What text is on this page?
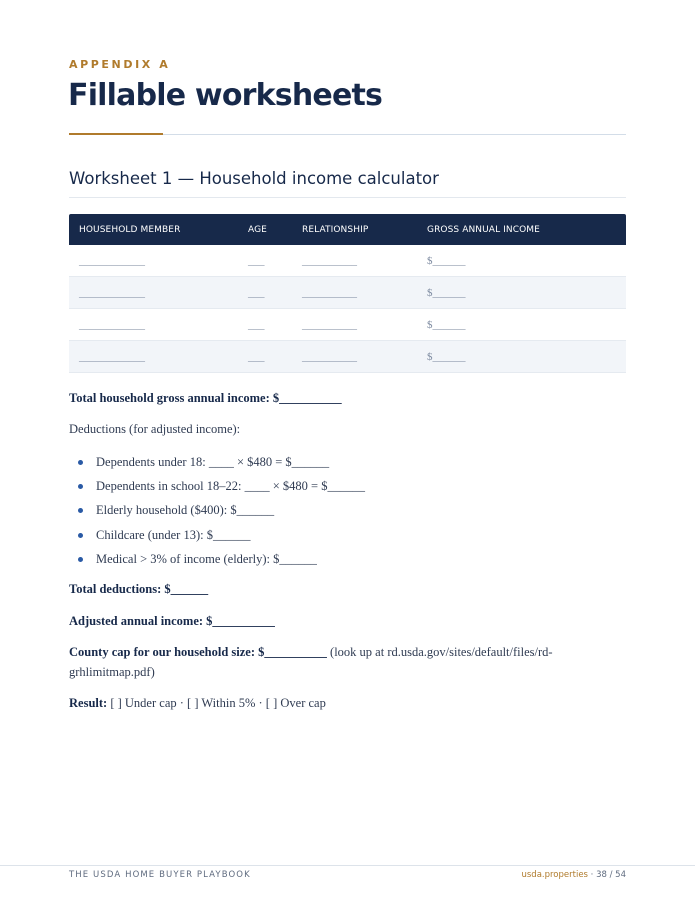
APPENDIX A
Fillable worksheets
Worksheet 1 — Household income calculator
HOUSEHOLD MEMBER	AGE	RELATIONSHIP	GROSS ANNUAL INCOME
____________	___	__________	$______
____________	___	__________	$______
____________	___	__________	$______
____________	___	__________	$______
Total household gross annual income: $__________
Deductions (for adjusted income):
Dependents under 18: ____ × $480 = $______
Dependents in school 18–22: ____ × $480 = $______
Elderly household ($400): $______
Childcare (under 13): $______
Medical > 3% of income (elderly): $______
Total deductions: $______
Adjusted annual income: $__________
County cap for our household size: $__________ (look up at rd.usda.gov/sites/default/files/rd-
grhlimitmap.pdf)
Result: [ ] Under cap · [ ] Within 5% · [ ] Over cap
THE USDA HOME BUYER PLAYBOOK	usda.properties · 38 / 54
